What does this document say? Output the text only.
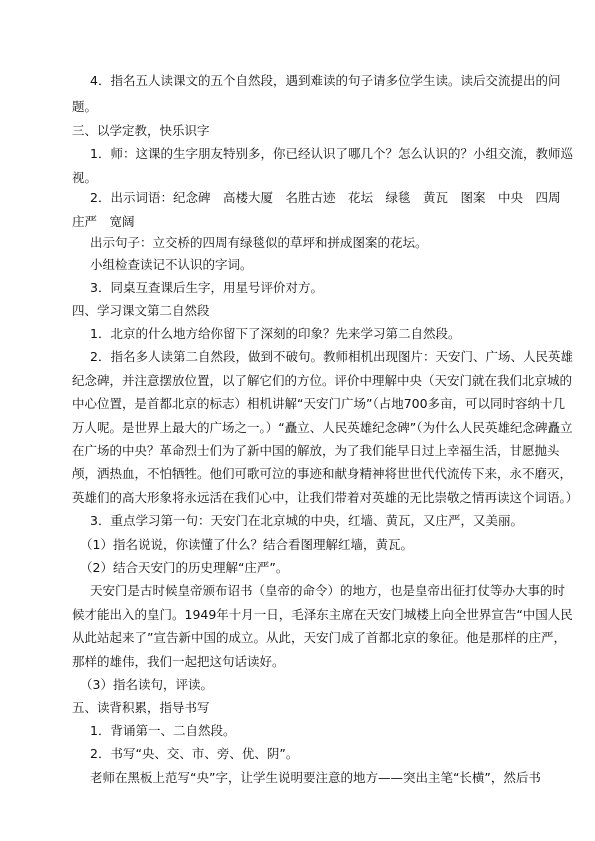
4．指名五人读课文的五个自然段，遇到难读的句子请多位学生读。读后交流提出的问
题。
三、以学定教，快乐识字
1．师：这课的生字朋友特别多，你已经认识了哪几个？怎么认识的？小组交流，教师巡
视。
2．出示词语：纪念碑　高楼大厦　名胜古迹　花坛　绿毯　黄瓦　图案　中央　四周
庄严　宽阔
出示句子：立交桥的四周有绿毯似的草坪和拼成图案的花坛。
小组检查读记不认识的字词。
3．同桌互查课后生字，用星号评价对方。
四、学习课文第二自然段
1．北京的什么地方给你留下了深刻的印象？先来学习第二自然段。
2．指名多人读第二自然段，做到不破句。教师相机出现图片：天安门、广场、人民英雄
纪念碑，并注意摆放位置，以了解它们的方位。评价中理解中央（天安门就在我们北京城的
中心位置，是首都北京的标志）相机讲解“天安门广场”（占地700多亩，可以同时容纳十几
万人呢。是世界上最大的广场之一。）“矗立、人民英雄纪念碑”（为什么人民英雄纪念碑矗立
在广场的中央？革命烈士们为了新中国的解放，为了我们能早日过上幸福生活，甘愿抛头
颅，洒热血，不怕牺牲。他们可歌可泣的事迹和献身精神将世世代代流传下来，永不磨灭，
英雄们的高大形象将永远活在我们心中，让我们带着对英雄的无比崇敬之情再读这个词语。）
3．重点学习第一句：天安门在北京城的中央，红墙、黄瓦，又庄严，又美丽。
（1）指名说说，你读懂了什么？结合看图理解红墙，黄瓦。
（2）结合天安门的历史理解“庄严”。
天安门是古时候皇帝颁布诏书（皇帝的命令）的地方，也是皇帝出征打仗等办大事的时
候才能出入的皇门。1949年十月一日，毛泽东主席在天安门城楼上向全世界宣告“中国人民
从此站起来了”宣告新中国的成立。从此，天安门成了首都北京的象征。他是那样的庄严，
那样的雄伟，我们一起把这句话读好。
（3）指名读句，评读。
五、读背积累，指导书写
1．背诵第一、二自然段。
2．书写“央、交、市、旁、优、阴”。
老师在黑板上范写“央”字，让学生说明要注意的地方——突出主笔“长横”，然后书
